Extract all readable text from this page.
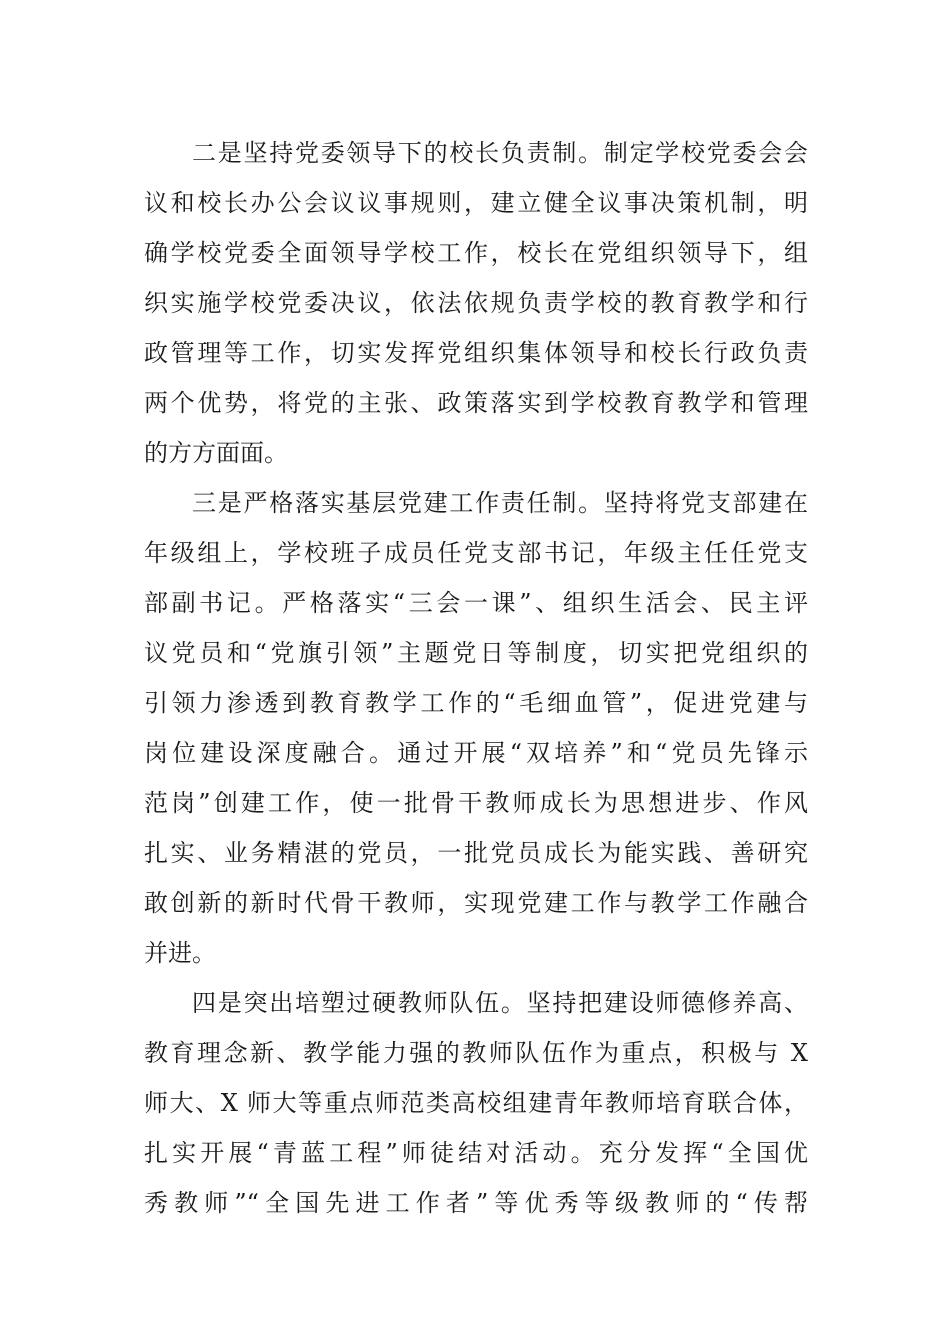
二是坚持党委领导下的校长负责制。制定学校党委会会
议和校长办公会议议事规则，建立健全议事决策机制，明
确学校党委全面领导学校工作，校长在党组织领导下，组
织实施学校党委决议，依法依规负责学校的教育教学和行
政管理等工作，切实发挥党组织集体领导和校长行政负责
两个优势，将党的主张、政策落实到学校教育教学和管理
的方方面面。
三是严格落实基层党建工作责任制。坚持将党支部建在
年级组上，学校班子成员任党支部书记，年级主任任党支
部副书记。严格落实“三会一课”、组织生活会、民主评
议党员和“党旗引领”主题党日等制度，切实把党组织的
引领力渗透到教育教学工作的“毛细血管”，促进党建与
岗位建设深度融合。通过开展“双培养”和“党员先锋示
范岗”创建工作，使一批骨干教师成长为思想进步、作风
扎实、业务精湛的党员，一批党员成长为能实践、善研究
敢创新的新时代骨干教师，实现党建工作与教学工作融合
并进。
四是突出培塑过硬教师队伍。坚持把建设师德修养高、
教育理念新、教学能力强的教师队伍作为重点，积极与 X
师大、X 师大等重点师范类高校组建青年教师培育联合体，
扎实开展“青蓝工程”师徒结对活动。充分发挥“全国优
秀教师”“全国先进工作者”等优秀等级教师的“传帮
